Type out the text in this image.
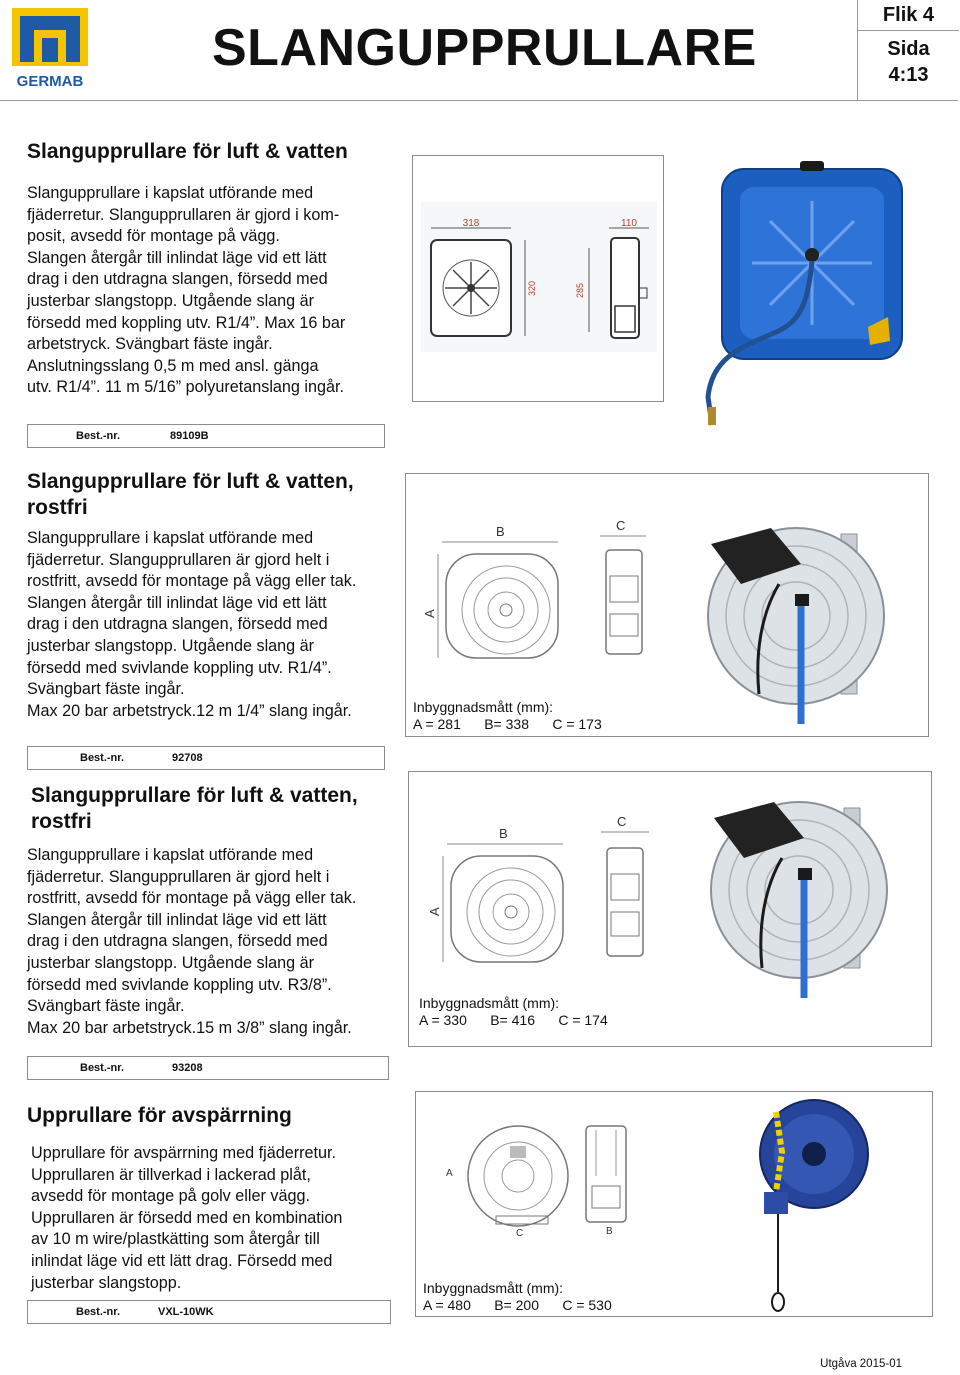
GERMAB
SLANGUPPRULLARE
Flik 4
Sida
4:13
Slangupprullare för luft & vatten

Slangupprullare i kapslat utförande med

fjäderretur. Slangupprullaren är gjord i kom-

posit, avsedd för montage på vägg.

Slangen återgår till inlindat läge vid ett lätt

drag i den utdragna slangen, försedd med

justerbar slangstopp. Utgående slang är

försedd med koppling utv. R1/4”. Max 16 bar

arbetstryck. Svängbart fäste ingår.

Anslutningsslang 0,5 m med ansl. gänga

utv. R1/4”. 11 m 5/16” polyuretanslang ingår.

Best.-nr.	89109B
318
320
110
285
Slangupprullare för luft & vatten,
rostfri

Slangupprullare i kapslat utförande med

fjäderretur. Slangupprullaren är gjord helt i

rostfritt, avsedd för montage på vägg eller tak.

Slangen återgår till inlindat läge vid ett lätt

drag i den utdragna slangen, försedd med

justerbar slangstopp. Utgående slang är

försedd med svivlande koppling utv. R1/4”.

Svängbart fäste ingår.

Max 20 bar arbetstryck.12 m 1/4” slang ingår.

Best.-nr.	92708
B	C
A
Inbyggnadsmått (mm):
A = 281      B= 338      C = 173
Slangupprullare för luft & vatten,
rostfri

Slangupprullare i kapslat utförande med

fjäderretur. Slangupprullaren är gjord helt i

rostfritt, avsedd för montage på vägg eller tak.

Slangen återgår till inlindat läge vid ett lätt

drag i den utdragna slangen, försedd med

justerbar slangstopp. Utgående slang är

försedd med svivlande koppling utv. R3/8”.

Svängbart fäste ingår.

Max 20 bar arbetstryck.15 m 3/8” slang ingår.

Best.-nr.	93208
B
C
A
Inbyggnadsmått (mm):
A = 330      B= 416      C = 174
Upprullare för avspärrning

Upprullare för avspärrning med fjäderretur.

Upprullaren är tillverkad i lackerad plåt,

avsedd för montage på golv eller vägg.

Upprullaren är försedd med en kombination

av 10 m wire/plastkätting som återgår till

inlindat läge vid ett lätt drag. Försedd med

justerbar slangstopp.

Best.-nr.	VXL-10WK
A
C	B
Inbyggnadsmått (mm):
A = 480      B= 200      C = 530
Utgåva 2015-01
